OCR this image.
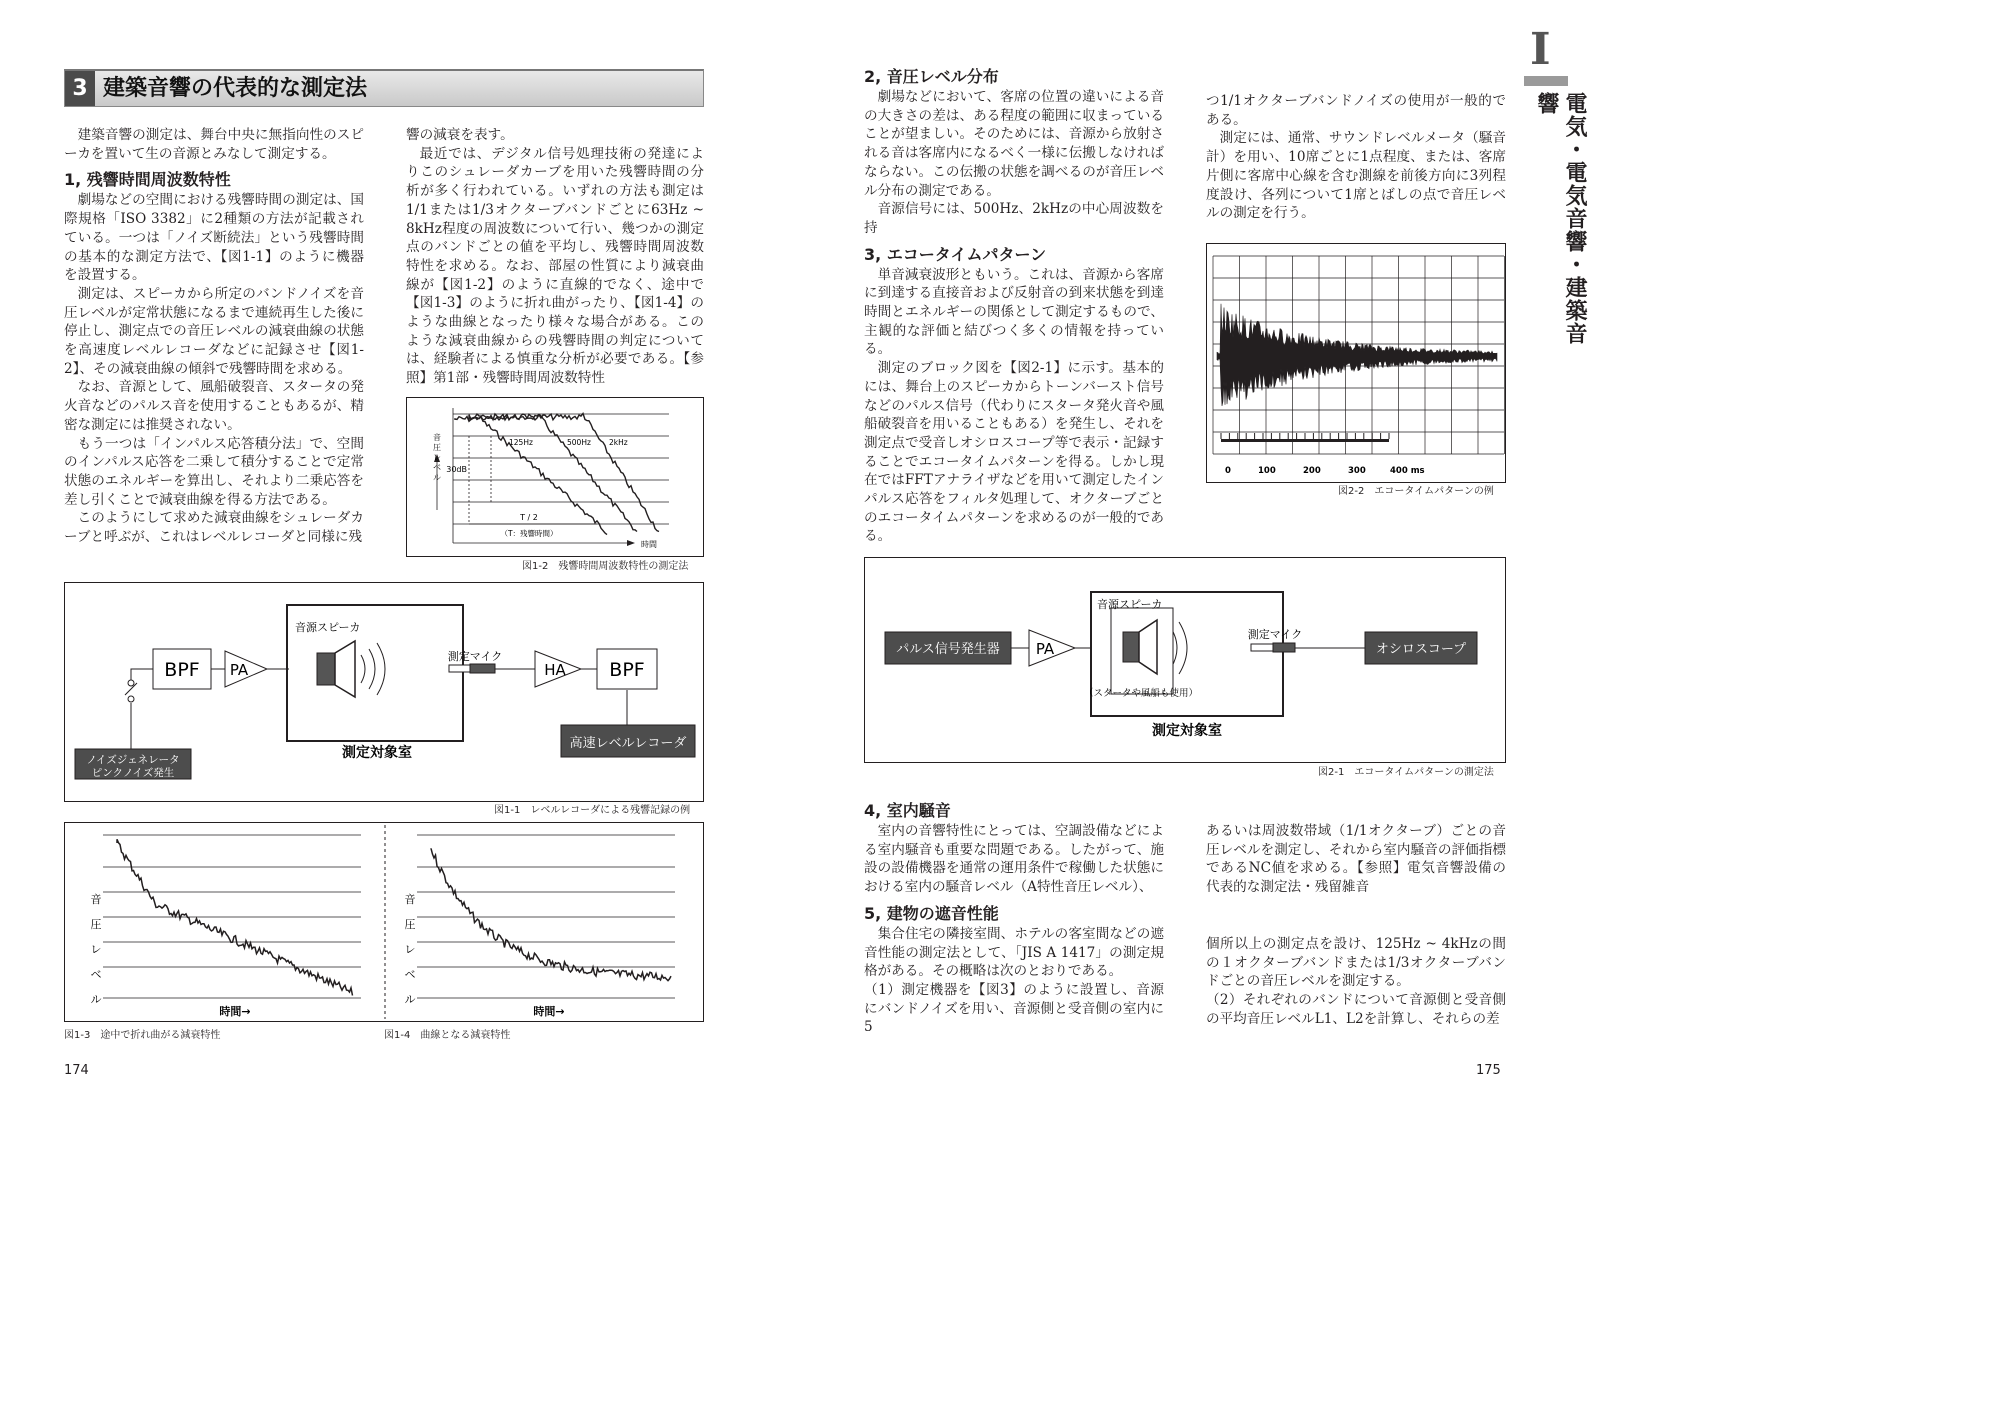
3 建築音響の代表的な測定法

建築音響の測定は、舞台中央に無指向性のスピーカを置いて生の音源とみなして測定する。

1, 残響時間周波数特性

劇場などの空間における残響時間の測定は、国際規格「ISO 3382」に2種類の方法が記載されている。一つは「ノイズ断続法」という残響時間の基本的な測定方法で、【図1-1】のように機器を設置する。

測定は、スピーカから所定のバンドノイズを音圧レベルが定常状態になるまで連続再生した後に停止し、測定点での音圧レベルの減衰曲線の状態を高速度レベルレコーダなどに記録させ【図1-2】、その減衰曲線の傾斜で残響時間を求める。

なお、音源として、風船破裂音、スタータの発火音などのパルス音を使用することもあるが、精密な測定には推奨されない。

もう一つは「インパルス応答積分法」で、空間のインパルス応答を二乗して積分することで定常状態のエネルギーを算出し、それより二乗応答を差し引くことで減衰曲線を得る方法である。

このようにして求めた減衰曲線をシュレーダカーブと呼ぶが、これはレベルレコーダと同様に残

響の減衰を表す。

最近では、デジタル信号処理技術の発達によりこのシュレーダカーブを用いた残響時間の分析が多く行われている。いずれの方法も測定は1/1または1/3オクターブバンドごとに63Hz ~ 8kHz程度の周波数について行い、幾つかの測定点のバンドごとの値を平均し、残響時間周波数特性を求める。なお、部屋の性質により減衰曲線が【図1-2】のように直線的でなく、途中で【図1-3】のように折れ曲がったり、【図1-4】のような曲線となったり様々な場合がある。このような減衰曲線からの残響時間の判定については、経験者による慎重な分析が必要である。【参照】第1部・残響時間周波数特性

音圧レベル
30dB
125Hz	500Hz 2kHz
T / 2
（T：残響時間）
時間
図1-2　残響時間周波数特性の測定法
BPF PA
音源スピーカ
測定マイク
HA BPF
高速レベルレコーダ
ノイズジェネレータ
ピンクノイズ発生
測定対象室
図1-1　レベルレコーダによる残響記録の例
音圧レベル
音圧レベル
時間→	時間→
図1-3　途中で折れ曲がる減衰特性	図1-4　曲線となる減衰特性
174
I
電気・電気音響・建築音響
2, 音圧レベル分布

劇場などにおいて、客席の位置の違いによる音の大きさの差は、ある程度の範囲に収まっていることが望ましい。そのためには、音源から放射される音は客席内になるべく一様に伝搬しなければならない。この伝搬の状態を調べるのが音圧レベル分布の測定である。

音源信号には、500Hz、2kHzの中心周波数を持

3, エコータイムパターン

単音減衰波形ともいう。これは、音源から客席に到達する直接音および反射音の到来状態を到達時間とエネルギーの関係として測定するもので、主観的な評価と結びつく多くの情報を持っている。

測定のブロック図を【図2-1】に示す。基本的には、舞台上のスピーカからトーンバースト信号などのパルス信号（代わりにスタータ発火音や風船破裂音を用いることもある）を発生し、それを測定点で受音しオシロスコープ等で表示・記録することでエコータイムパターンを得る。しかし現在ではFFTアナライザなどを用いて測定したインパルス応答をフィルタ処理して、オクターブごとのエコータイムパターンを求めるのが一般的である。

つ1/1オクターブバンドノイズの使用が一般的である。

測定には、通常、サウンドレベルメータ（騒音計）を用い、10席ごとに1点程度、または、客席片側に客席中心線を含む測線を前後方向に3列程度設け、各列について1席とばしの点で音圧レベルの測定を行う。

0	100	200	300	400 ms
図2-2　エコータイムパターンの例
パルス信号発生器 PA
音源スピーカ
（スタータや風船も使用）
測定マイク
オシロスコープ
測定対象室
図2-1　エコータイムパターンの測定法
4, 室内騒音

室内の音響特性にとっては、空調設備などによる室内騒音も重要な問題である。したがって、施設の設備機器を通常の運用条件で稼働した状態における室内の騒音レベル（A特性音圧レベル）、

5, 建物の遮音性能

集合住宅の隣接室間、ホテルの客室間などの遮音性能の測定法として、「JIS A 1417」の測定規格がある。その概略は次のとおりである。

（1）測定機器を【図3】のように設置し、音源にバンドノイズを用い、音源側と受音側の室内に5

あるいは周波数帯域（1/1オクターブ）ごとの音圧レベルを測定し、それから室内騒音の評価指標であるNC値を求める。【参照】電気音響設備の代表的な測定法・残留雑音

個所以上の測定点を設け、125Hz ~ 4kHzの間の１オクターブバンドまたは1/3オクターブバンドごとの音圧レベルを測定する。

（2）それぞれのバンドについて音源側と受音側の平均音圧レベルL1、L2を計算し、それらの差

175
